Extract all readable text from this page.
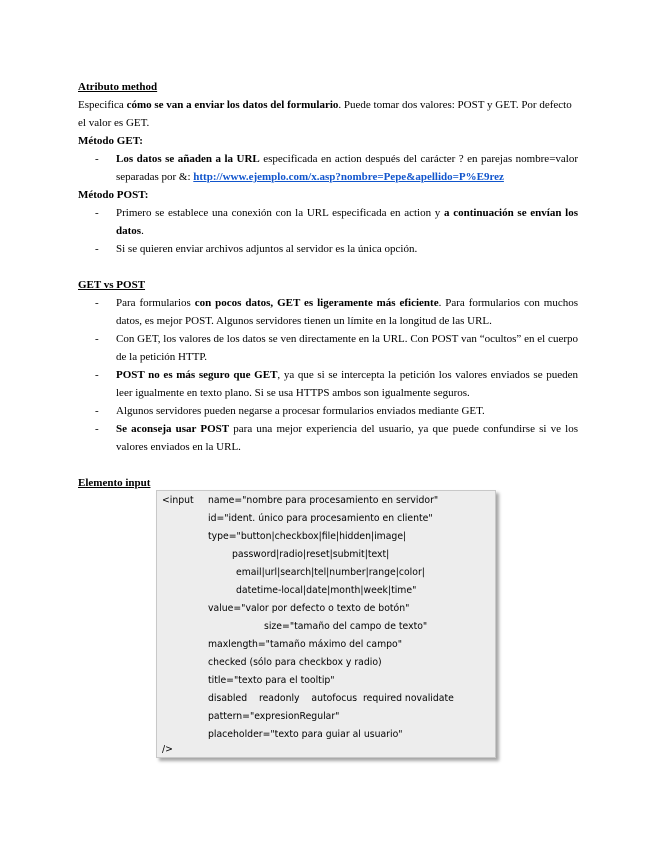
Atributo method

Especifica cómo se van a enviar los datos del formulario. Puede tomar dos valores: POST y GET. Por defecto el valor es GET.

Método GET:

- Los datos se añaden a la URL especificada en action después del carácter ? en parejas nombre=valor separadas por &: http://www.ejemplo.com/x.asp?nombre=Pepe&apellido=P%E9rez

Método POST:

- Primero se establece una conexión con la URL especificada en action y a continuación se envían los datos.
- Si se quieren enviar archivos adjuntos al servidor es la única opción.

GET vs POST

- Para formularios con pocos datos, GET es ligeramente más eficiente. Para formularios con muchos datos, es mejor POST. Algunos servidores tienen un límite en la longitud de las URL.
- Con GET, los valores de los datos se ven directamente en la URL. Con POST van “ocultos” en el cuerpo de la petición HTTP.
- POST no es más seguro que GET, ya que si se intercepta la petición los valores enviados se pueden leer igualmente en texto plano. Si se usa HTTPS ambos son igualmente seguros.
- Algunos servidores pueden negarse a procesar formularios enviados mediante GET.
- Se aconseja usar POST para una mejor experiencia del usuario, ya que puede confundirse si ve los valores enviados en la URL.

Elemento input

<input name="nombre para procesamiento en servidor"
id="ident. único para procesamiento en cliente"
type="button|checkbox|file|hidden|image|
password|radio|reset|submit|text|
email|url|search|tel|number|range|color|
datetime-local|date|month|week|time"
value="valor por defecto o texto de botón"
size="tamaño del campo de texto"
maxlength="tamaño máximo del campo"
checked (sólo para checkbox y radio)
title="texto para el tooltip"
disabled    readonly    autofocus  required novalidate
pattern="expresionRegular"
placeholder="texto para guiar al usuario"
/>
